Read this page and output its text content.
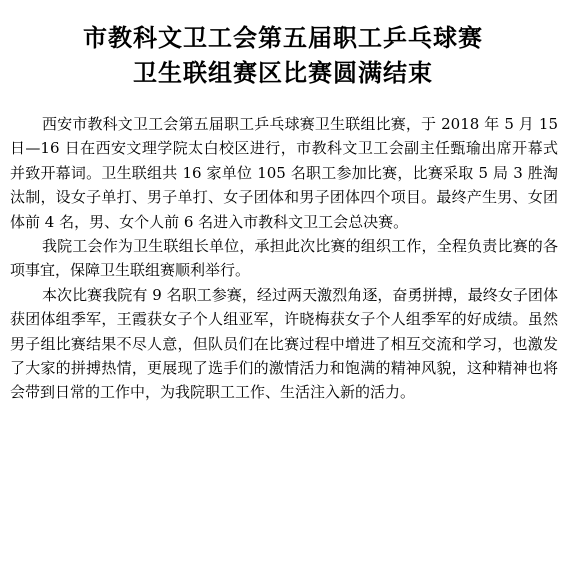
市教科文卫工会第五届职工乒乓球赛
卫生联组赛区比赛圆满结束

西安市教科文卫工会第五届职工乒乓球赛卫生联组比赛，于 2018 年 5 月 15 日—16 日在西安文理学院太白校区进行，市教科文卫工会副主任甄瑜出席开幕式并致开幕词。卫生联组共 16 家单位 105 名职工参加比赛，比赛采取 5 局 3 胜淘汰制，设女子单打、男子单打、女子团体和男子团体四个项目。最终产生男、女团体前 4 名，男、女个人前 6 名进入市教科文卫工会总决赛。

我院工会作为卫生联组长单位，承担此次比赛的组织工作，全程负责比赛的各项事宜，保障卫生联组赛顺利举行。

本次比赛我院有 9 名职工参赛，经过两天激烈角逐，奋勇拼搏，最终女子团体获团体组季军，王霞获女子个人组亚军，许晓梅获女子个人组季军的好成绩。虽然男子组比赛结果不尽人意，但队员们在比赛过程中增进了相互交流和学习，也激发了大家的拼搏热情，更展现了选手们的激情活力和饱满的精神风貌，这种精神也将会带到日常的工作中，为我院职工工作、生活注入新的活力。
